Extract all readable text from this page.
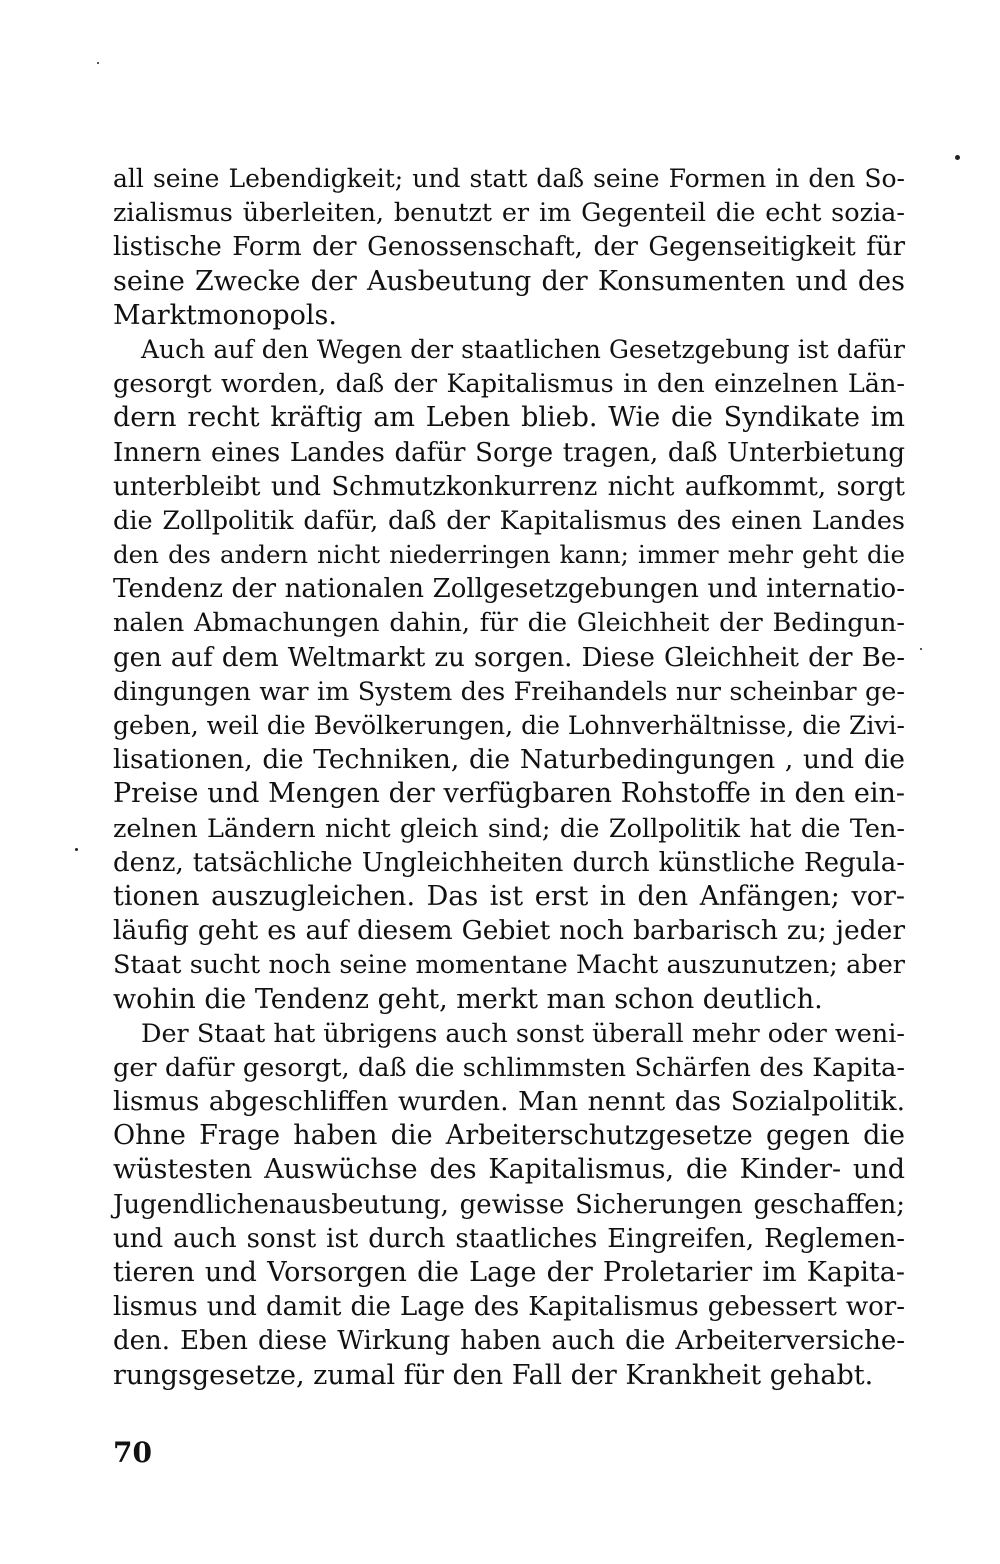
all seine Lebendigkeit; und statt daß seine Formen in den So-
zialismus überleiten, benutzt er im Gegenteil die echt sozia-
listische Form der Genossenschaft, der Gegenseitigkeit für
seine Zwecke der Ausbeutung der Konsumenten und des
Marktmonopols.
Auch auf den Wegen der staatlichen Gesetzgebung ist dafür
gesorgt worden, daß der Kapitalismus in den einzelnen Län-
dern recht kräftig am Leben blieb. Wie die Syndikate im
Innern eines Landes dafür Sorge tragen, daß Unterbietung
unterbleibt und Schmutzkonkurrenz nicht aufkommt, sorgt
die Zollpolitik dafür, daß der Kapitalismus des einen Landes
den des andern nicht niederringen kann; immer mehr geht die
Tendenz der nationalen Zollgesetzgebungen und internatio-
nalen Abmachungen dahin, für die Gleichheit der Bedingun-
gen auf dem Weltmarkt zu sorgen. Diese Gleichheit der Be-
dingungen war im System des Freihandels nur scheinbar ge-
geben, weil die Bevölkerungen, die Lohnverhältnisse, die Zivi-
lisationen, die Techniken, die Naturbedingungen , und die
Preise und Mengen der verfügbaren Rohstoffe in den ein-
zelnen Ländern nicht gleich sind; die Zollpolitik hat die Ten-
denz, tatsächliche Ungleichheiten durch künstliche Regula-
tionen auszugleichen. Das ist erst in den Anfängen; vor-
läufig geht es auf diesem Gebiet noch barbarisch zu; jeder
Staat sucht noch seine momentane Macht auszunutzen; aber
wohin die Tendenz geht, merkt man schon deutlich.
Der Staat hat übrigens auch sonst überall mehr oder weni-
ger dafür gesorgt, daß die schlimmsten Schärfen des Kapita-
lismus abgeschliffen wurden. Man nennt das Sozialpolitik.
Ohne Frage haben die Arbeiterschutzgesetze gegen die
wüstesten Auswüchse des Kapitalismus, die Kinder- und
Jugendlichenausbeutung, gewisse Sicherungen geschaffen;
und auch sonst ist durch staatliches Eingreifen, Reglemen-
tieren und Vorsorgen die Lage der Proletarier im Kapita-
lismus und damit die Lage des Kapitalismus gebessert wor-
den. Eben diese Wirkung haben auch die Arbeiterversiche-
rungsgesetze, zumal für den Fall der Krankheit gehabt.
70
